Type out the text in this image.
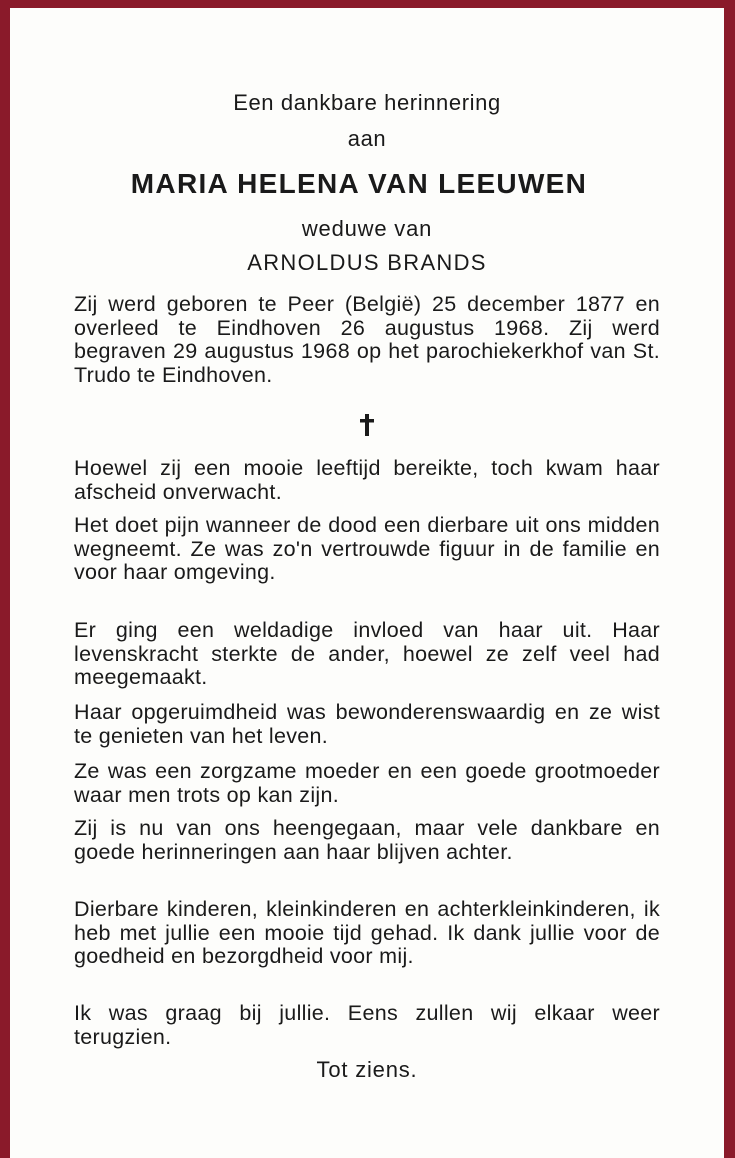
Een dankbare herinnering
aan
MARIA HELENA VAN LEEUWEN
weduwe van
ARNOLDUS BRANDS
Zij werd geboren te Peer (België) 25 december 1877 en overleed te Eindhoven 26 augustus 1968. Zij werd begraven 29 augustus 1968 op het parochiekerkhof van St. Trudo te Eindhoven.
Hoewel zij een mooie leeftijd bereikte, toch kwam haar afscheid onverwacht.
Het doet pijn wanneer de dood een dierbare uit ons midden wegneemt. Ze was zo'n vertrouwde figuur in de familie en voor haar omgeving.
Er ging een weldadige invloed van haar uit. Haar levenskracht sterkte de ander, hoewel ze zelf veel had meegemaakt.
Haar opgeruimdheid was bewonderenswaardig en ze wist te genieten van het leven.
Ze was een zorgzame moeder en een goede grootmoeder waar men trots op kan zijn.
Zij is nu van ons heengegaan, maar vele dankbare en goede herinneringen aan haar blijven achter.
Dierbare kinderen, kleinkinderen en achterkleinkinderen, ik heb met jullie een mooie tijd gehad. Ik dank jullie voor de goedheid en bezorgdheid voor mij.
Ik was graag bij jullie. Eens zullen wij elkaar weer terugzien.
Tot ziens.
